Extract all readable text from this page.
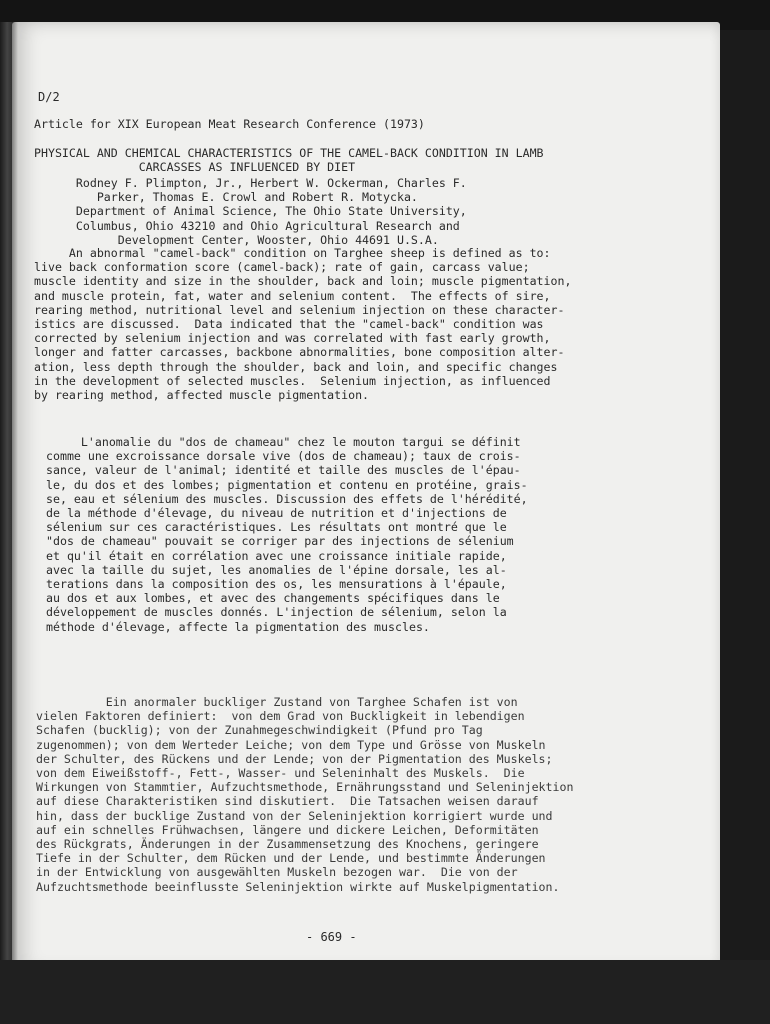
D/2

Article for XIX European Meat Research Conference (1973)

PHYSICAL AND CHEMICAL CHARACTERISTICS OF THE CAMEL-BACK CONDITION IN LAMB
CARCASSES AS INFLUENCED BY DIET

Rodney F. Plimpton, Jr., Herbert W. Ockerman, Charles F.
Parker, Thomas E. Crowl and Robert R. Motycka.
Department of Animal Science, The Ohio State University,
Columbus, Ohio 43210 and Ohio Agricultural Research and
Development Center, Wooster, Ohio 44691 U.S.A.

An abnormal "camel-back" condition on Targhee sheep is defined as to:
live back conformation score (camel-back); rate of gain, carcass value;
muscle identity and size in the shoulder, back and loin; muscle pigmentation,
and muscle protein, fat, water and selenium content.  The effects of sire,
rearing method, nutritional level and selenium injection on these character-
istics are discussed.  Data indicated that the "camel-back" condition was
corrected by selenium injection and was correlated with fast early growth,
longer and fatter carcasses, backbone abnormalities, bone composition alter-
ation, less depth through the shoulder, back and loin, and specific changes
in the development of selected muscles.  Selenium injection, as influenced
by rearing method, affected muscle pigmentation.

L'anomalie du "dos de chameau" chez le mouton targui se définit
comme une excroissance dorsale vive (dos de chameau); taux de crois-
sance, valeur de l'animal; identité et taille des muscles de l'épau-
le, du dos et des lombes; pigmentation et contenu en protéine, grais-
se, eau et sélenium des muscles. Discussion des effets de l'hérédité,
de la méthode d'élevage, du niveau de nutrition et d'injections de
sélenium sur ces caractéristiques. Les résultats ont montré que le
"dos de chameau" pouvait se corriger par des injections de sélenium
et qu'il était en corrélation avec une croissance initiale rapide,
avec la taille du sujet, les anomalies de l'épine dorsale, les al-
terations dans la composition des os, les mensurations à l'épaule,
au dos et aux lombes, et avec des changements spécifiques dans le
développement de muscles donnés. L'injection de sélenium, selon la
méthode d'élevage, affecte la pigmentation des muscles.

Ein anormaler buckliger Zustand von Targhee Schafen ist von
vielen Faktoren definiert:  von dem Grad von Buckligkeit in lebendigen
Schafen (bucklig); von der Zunahmegeschwindigkeit (Pfund pro Tag
zugenommen); von dem Werteder Leiche; von dem Type und Grösse von Muskeln
der Schulter, des Rückens und der Lende; von der Pigmentation des Muskels;
von dem Eiweißstoff-, Fett-, Wasser- und Seleninhalt des Muskels.  Die
Wirkungen von Stammtier, Aufzuchtsmethode, Ernährungsstand und Seleninjektion
auf diese Charakteristiken sind diskutiert.  Die Tatsachen weisen darauf
hin, dass der bucklige Zustand von der Seleninjektion korrigiert wurde und
auf ein schnelles Frühwachsen, längere und dickere Leichen, Deformitäten
des Rückgrats, Änderungen in der Zusammensetzung des Knochens, geringere
Tiefe in der Schulter, dem Rücken und der Lende, und bestimmte Änderungen
in der Entwicklung von ausgewählten Muskeln bezogen war.  Die von der
Aufzuchtsmethode beeinflusste Seleninjektion wirkte auf Muskelpigmentation.

- 669 -
